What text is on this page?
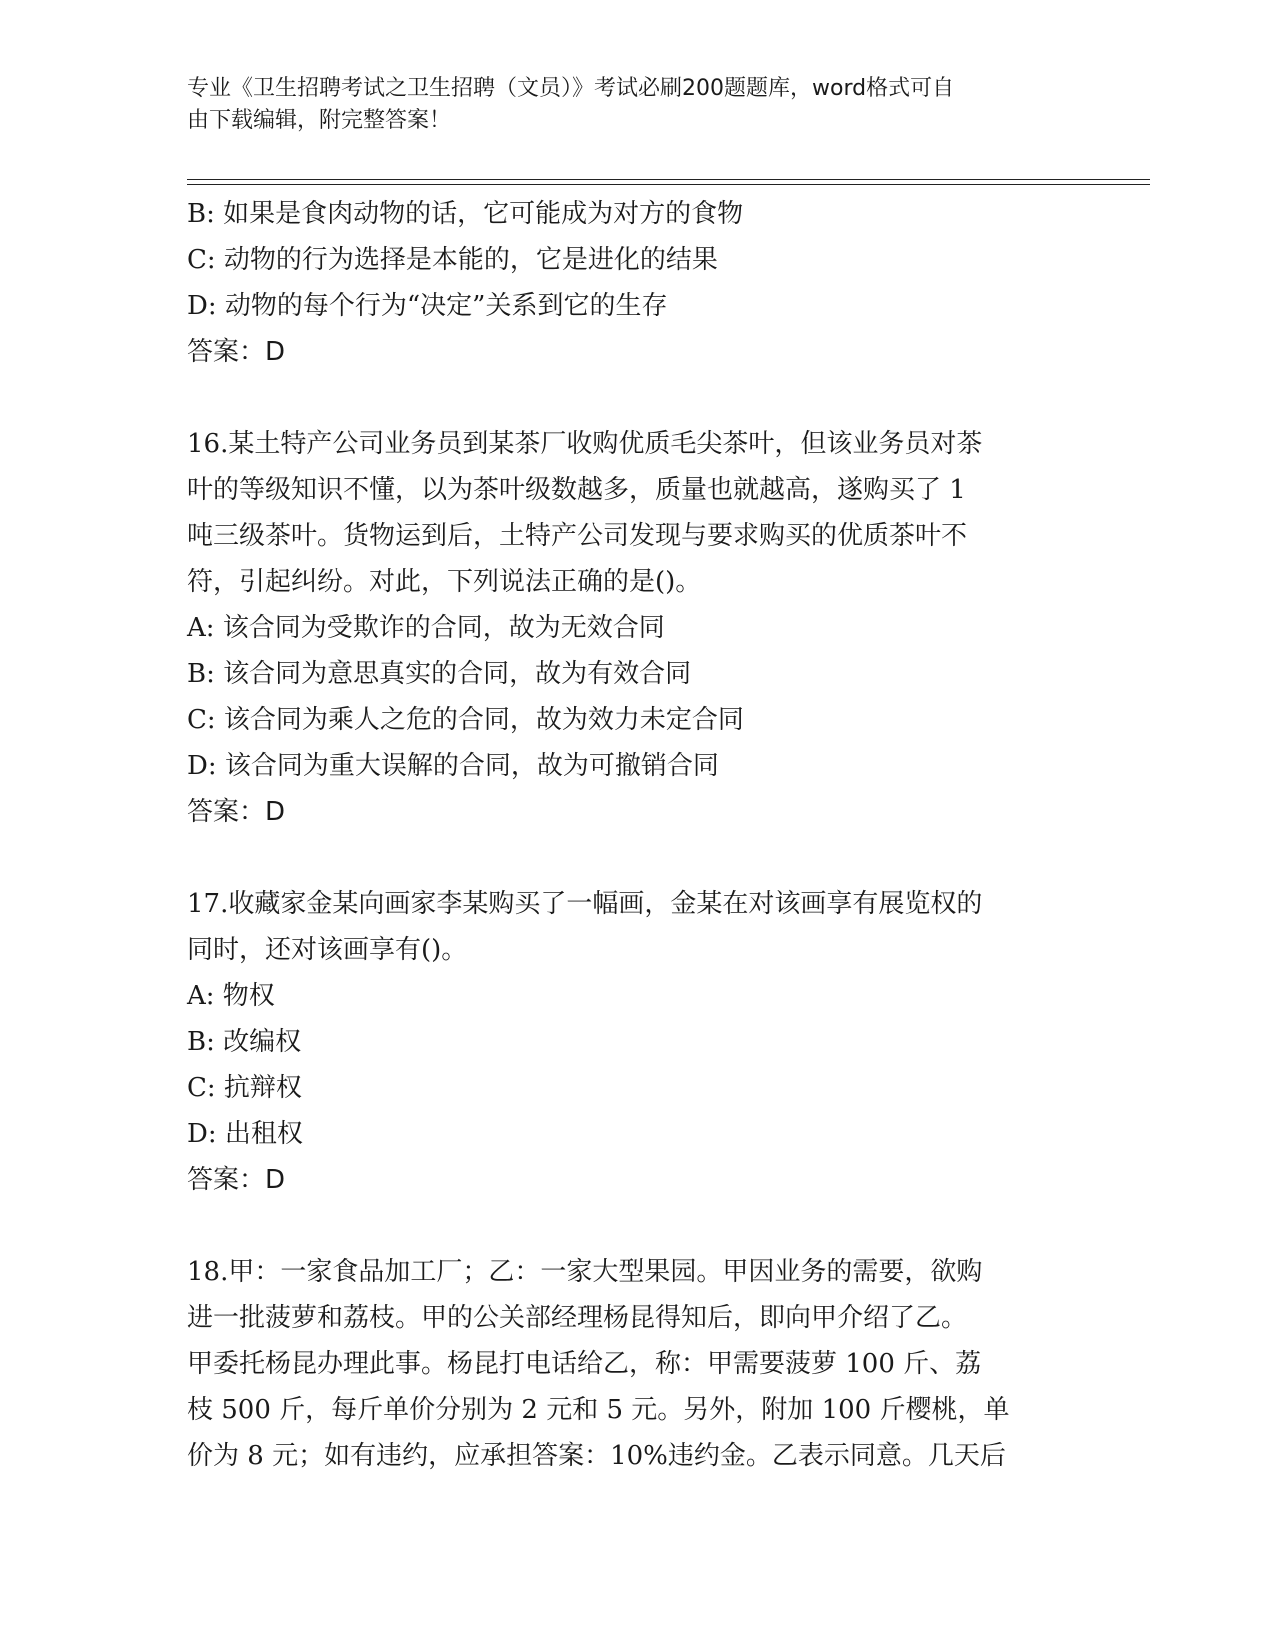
专业《卫生招聘考试之卫生招聘（文员）》考试必刷200题题库，word格式可自
由下载编辑，附完整答案！
B: 如果是食肉动物的话，它可能成为对方的食物
C: 动物的行为选择是本能的，它是进化的结果
D: 动物的每个行为“决定”关系到它的生存
答案：D
16.某土特产公司业务员到某茶厂收购优质毛尖茶叶，但该业务员对茶
叶的等级知识不懂，以为茶叶级数越多，质量也就越高，遂购买了 1
吨三级茶叶。货物运到后，土特产公司发现与要求购买的优质茶叶不
符，引起纠纷。对此，下列说法正确的是()。
A: 该合同为受欺诈的合同，故为无效合同
B: 该合同为意思真实的合同，故为有效合同
C: 该合同为乘人之危的合同，故为效力未定合同
D: 该合同为重大误解的合同，故为可撤销合同
答案：D
17.收藏家金某向画家李某购买了一幅画，金某在对该画享有展览权的
同时，还对该画享有()。
A: 物权
B: 改编权
C: 抗辩权
D: 出租权
答案：D
18.甲：一家食品加工厂；乙：一家大型果园。甲因业务的需要，欲购
进一批菠萝和荔枝。甲的公关部经理杨昆得知后，即向甲介绍了乙。
甲委托杨昆办理此事。杨昆打电话给乙，称：甲需要菠萝 100 斤、荔
枝 500 斤，每斤单价分别为 2 元和 5 元。另外，附加 100 斤樱桃，单
价为 8 元；如有违约，应承担答案：10%违约金。乙表示同意。几天后
